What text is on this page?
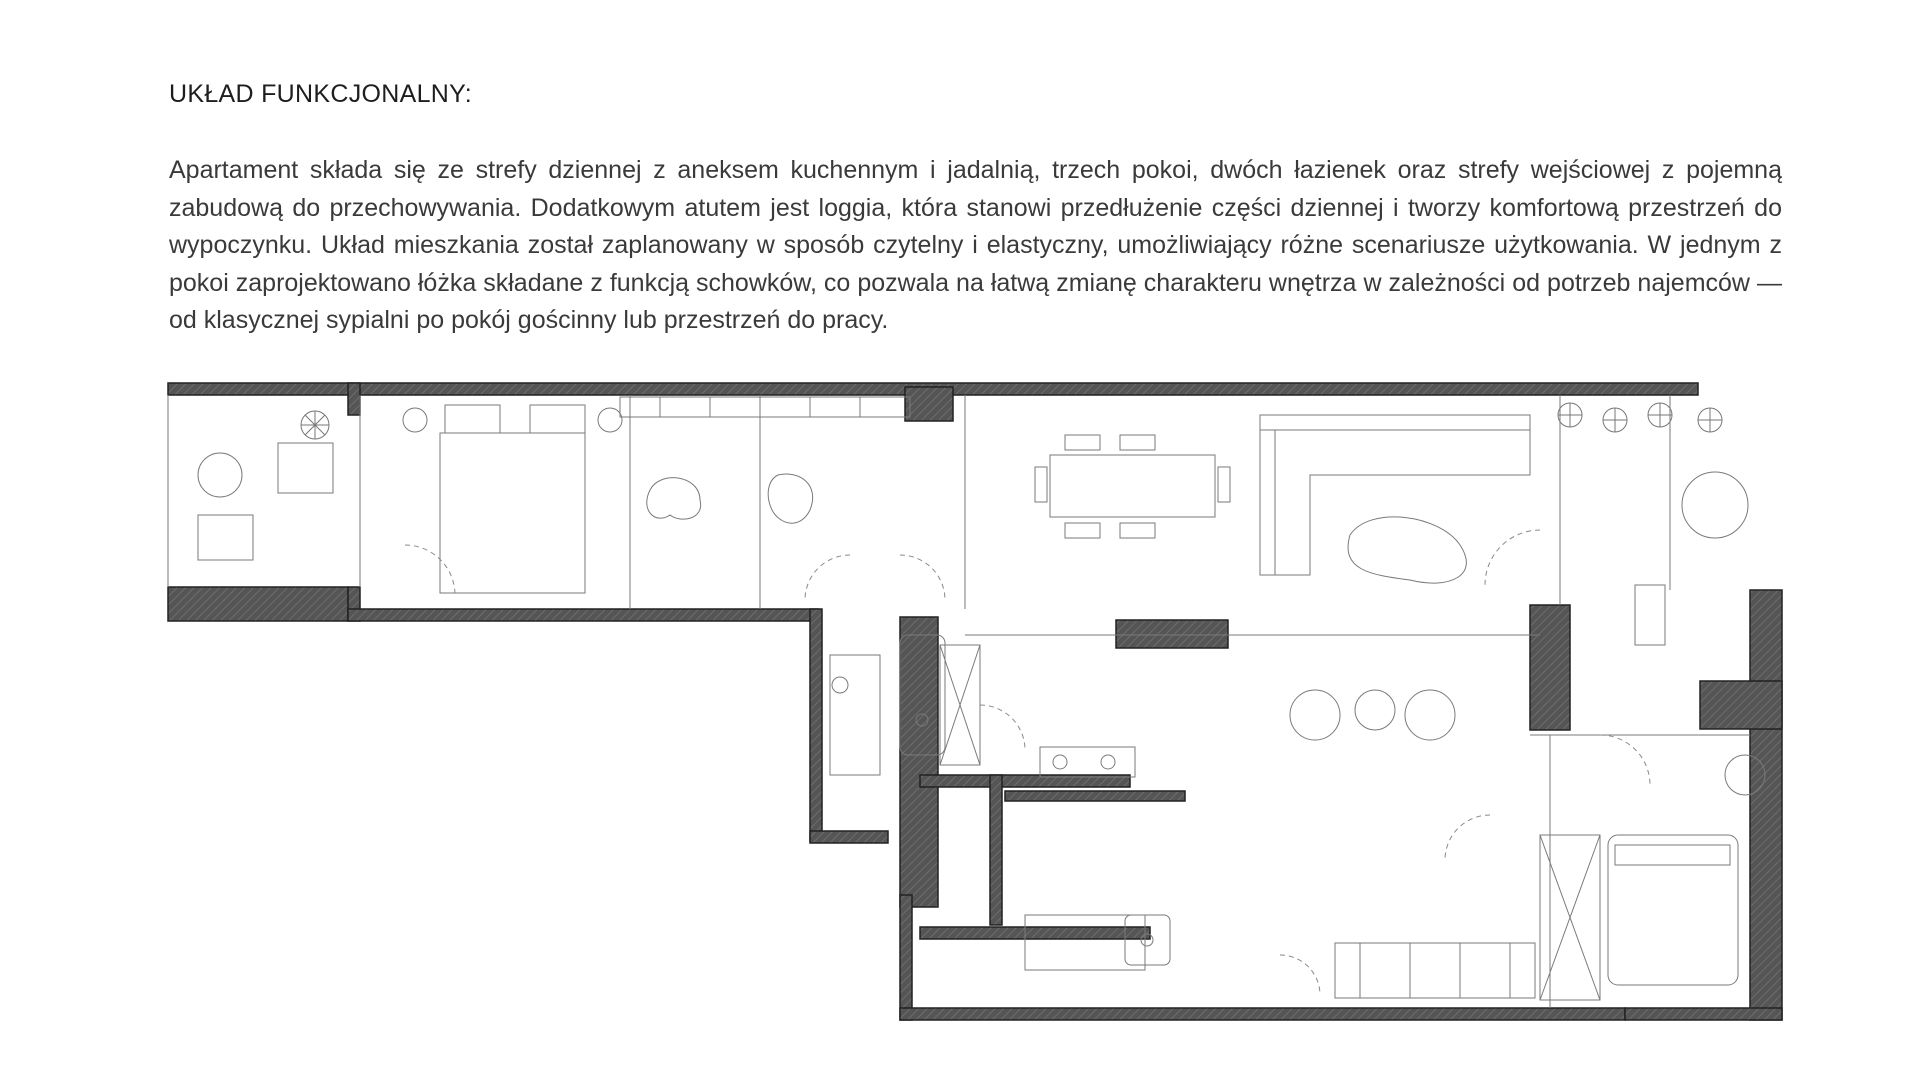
UKŁAD FUNKCJONALNY:

Apartament składa się ze strefy dziennej z aneksem kuchennym i jadalnią, trzech pokoi, dwóch łazienek oraz strefy wejściowej z pojemną zabudową do przechowywania. Dodatkowym atutem jest loggia, która stanowi przedłużenie części dziennej i tworzy komfortową przestrzeń do wypoczynku. Układ mieszkania został zaplanowany w sposób czytelny i elastyczny, umożliwiający różne scenariusze użytkowania. W jednym z pokoi zaprojektowano łóżka składane z funkcją schowków, co pozwala na łatwą zmianę charakteru wnętrza w zależności od potrzeb najemców — od klasycznej sypialni po pokój gościnny lub przestrzeń do pracy.
